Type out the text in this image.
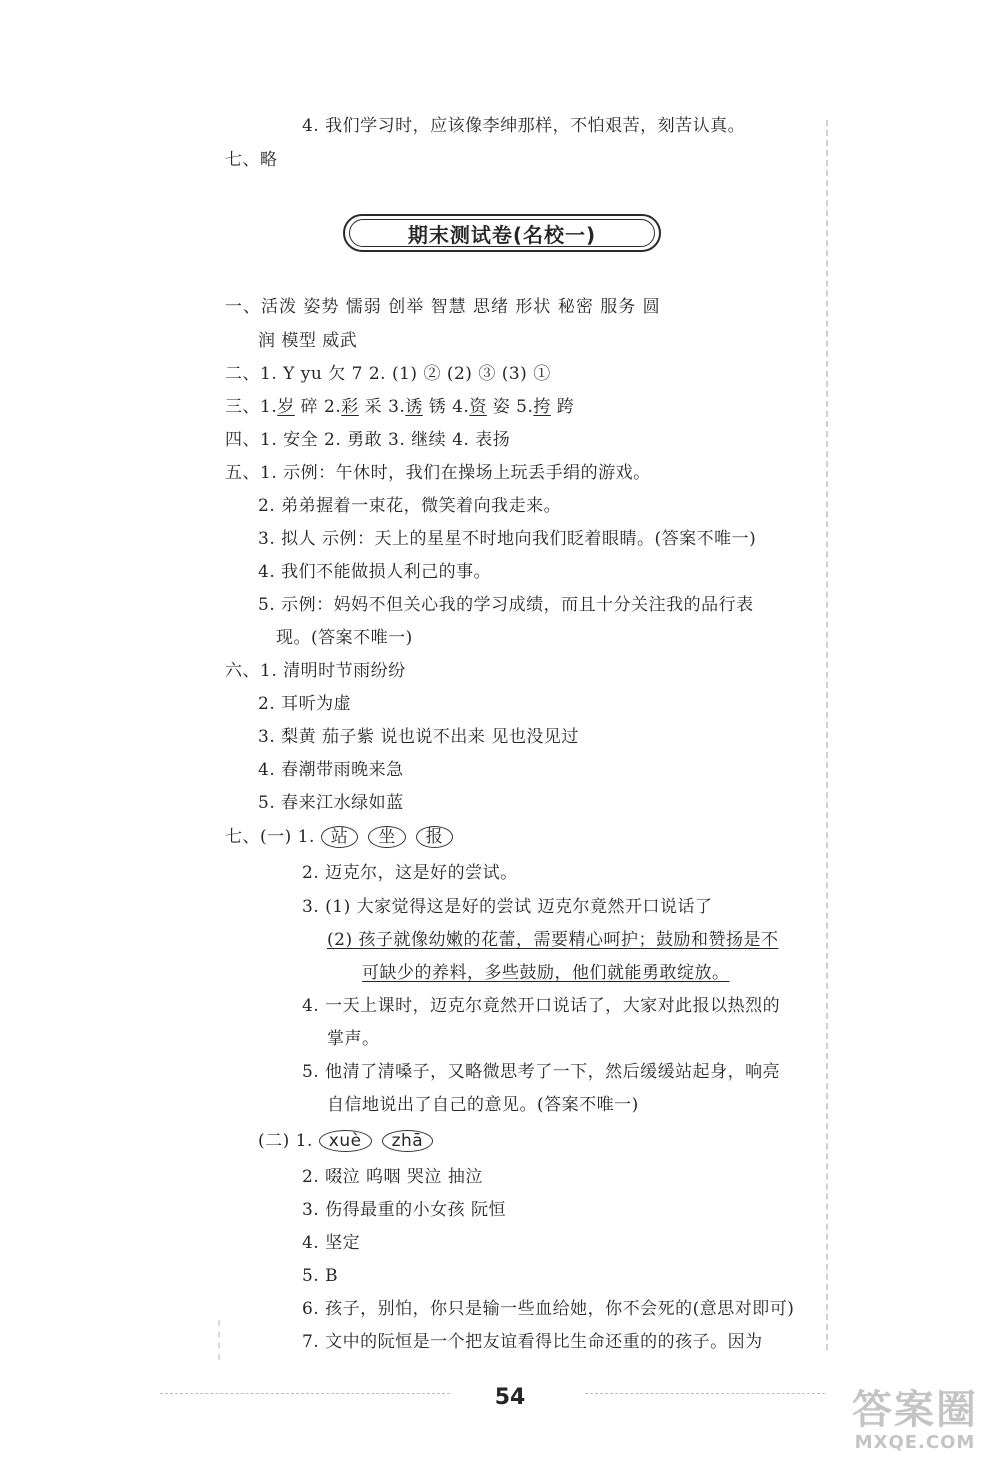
4. 我们学习时，应该像李绅那样，不怕艰苦，刻苦认真。
七、略
期末测试卷(名校一)
一、活泼 姿势 懦弱 创举 智慧 思绪 形状 秘密 服务 圆
润 模型 威武
二、1. Y yu 欠 7 2. (1) ② (2) ③ (3) ①
三、1.岁 碎 2.彩 采 3.诱 锈 4.资 姿 5.挎 跨
四、1. 安全 2. 勇敢 3. 继续 4. 表扬
五、1. 示例：午休时，我们在操场上玩丢手绢的游戏。
2. 弟弟握着一束花，微笑着向我走来。
3. 拟人 示例：天上的星星不时地向我们眨着眼睛。(答案不唯一)
4. 我们不能做损人利己的事。
5. 示例：妈妈不但关心我的学习成绩，而且十分关注我的品行表
现。(答案不唯一)
六、1. 清明时节雨纷纷
2. 耳听为虚
3. 梨黄 茄子紫 说也说不出来 见也没见过
4. 春潮带雨晚来急
5. 春来江水绿如蓝
七、(一) 1. 站 坐 报
2. 迈克尔，这是好的尝试。
3. (1) 大家觉得这是好的尝试 迈克尔竟然开口说话了
(2) 孩子就像幼嫩的花蕾，需要精心呵护；鼓励和赞扬是不
可缺少的养料，多些鼓励，他们就能勇敢绽放。
4. 一天上课时，迈克尔竟然开口说话了，大家对此报以热烈的
掌声。
5. 他清了清嗓子，又略微思考了一下，然后缓缓站起身，响亮
自信地说出了自己的意见。(答案不唯一)
(二) 1. xuè zhā
2. 啜泣 呜咽 哭泣 抽泣
3. 伤得最重的小女孩 阮恒
4. 坚定
5. B
6. 孩子，别怕，你只是输一些血给她，你不会死的(意思对即可)
7. 文中的阮恒是一个把友谊看得比生命还重的的孩子。因为
54	答案圈
MXQE.COM
